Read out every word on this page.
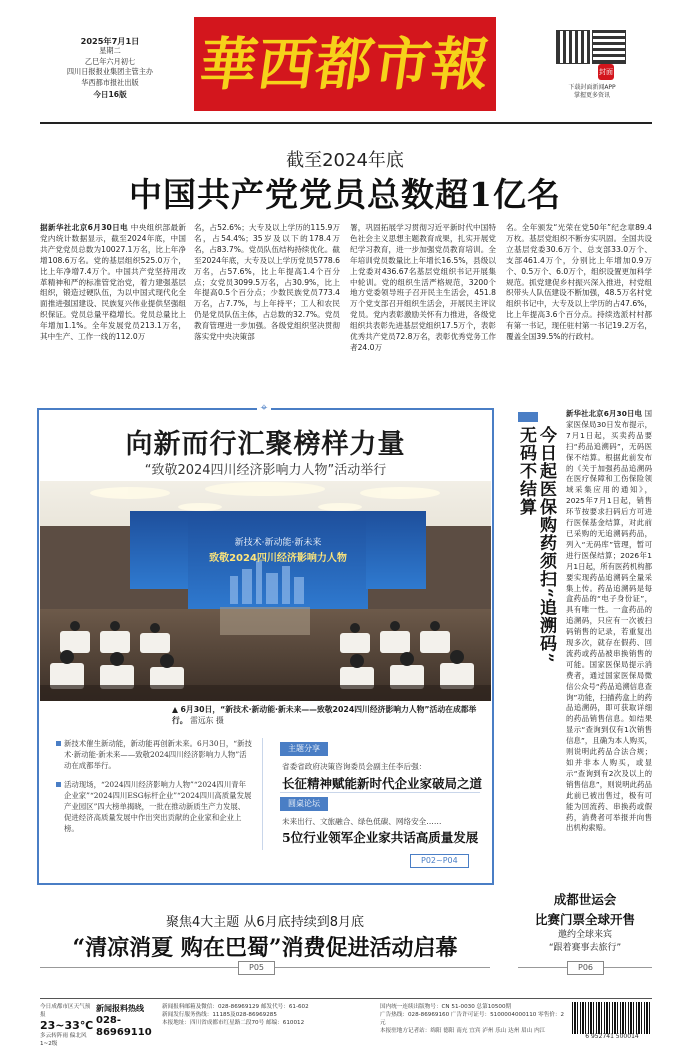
2025年7月1日
星期二
乙巳年六月初七
四川日报报业集团主管主办
华西都市报社出版
今日16版	華西都市報	封面
下载封面新闻APP
掌握更多资讯
截至2024年底
中国共产党党员总数超1亿名
据新华社北京6月30日电 中央组织部最新党内统计数据显示，截至2024年底，中国共产党党员总数为10027.1万名，比上年净增108.6万名。党的基层组织525.0万个，比上年净增7.4万个。中国共产党坚持用改革精神和严的标准管党治党，着力建强基层组织，锻造过硬队伍，为以中国式现代化全面推进强国建设、民族复兴伟业提供坚强组织保证。党员总量平稳增长。党员总量比上年增加1.1%。全年发展党员213.1万名，其中生产、工作一线的112.0万
名，占52.6%；大专及以上学历的115.9万名，占54.4%；35岁及以下的178.4万名，占83.7%。党员队伍结构持续优化。截至2024年底，大专及以上学历党员5778.6万名，占57.6%，比上年提高1.4个百分点；女党员3099.5万名，占30.9%，比上年提高0.5个百分点；少数民族党员773.4万名，占7.7%，与上年持平；工人和农民仍是党员队伍主体，占总数的32.7%。党员教育管理进一步加强。各级党组织坚决贯彻落实党中央决策部
署，巩固拓展学习贯彻习近平新时代中国特色社会主义思想主题教育成果，扎实开展党纪学习教育，进一步加强党员教育培训。全年培训党员数量比上年增长16.5%，县级以上党委对436.67名基层党组织书记开展集中轮训。党的组织生活严格规范，3200个地方党委领导班子召开民主生活会，451.8万个党支部召开组织生活会，开展民主评议党员。党内表彰激励关怀有力推进，各级党组织共表彰先进基层党组织17.5万个，表彰优秀共产党员72.8万名，表彰优秀党务工作者24.0万
名。全年颁发“光荣在党50年”纪念章89.4万枚。基层党组织不断夯实巩固。全国共设立基层党委30.6万个、总支部33.0万个、支部461.4万个，分别比上年增加0.9万个、0.5万个、6.0万个，组织设置更加科学规范。抓党建促乡村振兴深入推进，村党组织带头人队伍建设不断加强，48.5万名村党组织书记中，大专及以上学历的占47.6%，比上年提高3.6个百分点。持续选派村村都有第一书记，现任驻村第一书记19.2万名，覆盖全国39.5%的行政村。
⌖
向新而行汇聚榜样力量
“致敬2024四川经济影响力人物”活动举行
新技术·新动能·新未来
致敬2024四川经济影响力人物
▲ 6月30日，“新技术·新动能·新未来——致敬2024四川经济影响力人物”活动在成都举行。 雷远东 摄

新技术催生新动能，新动能再创新未来。6月30日，“新技术·新动能·新未来——致敬2024四川经济影响力人物”活动在成都举行。

活动现场，“2024四川经济影响力人物”“2024四川青年企业家”“2024四川ESG标杆企业”“2024四川高质量发展产业园区”四大榜单揭晓，一批在推动新质生产力发展、促进经济高质量发展中作出突出贡献的企业家和企业上榜。

主题分享
省委省政府决策咨询委员会副主任李后强：
长征精神赋能新时代企业家破局之道
圆桌论坛
未来出行、文旅融合、绿色低碳、网络安全……
5位行业领军企业家共话高质量发展
P02~P04
无码不结算 今日起医保购药须扫“追溯码”
新华社北京6月30日电 国家医保局30日发布提示，7月1日起，买卖药品要扫“药品追溯码”，无码医保不结算。根据此前发布的《关于加强药品追溯码在医疗保障和工伤保险领域采集应用的通知》，2025年7月1日起，销售环节按要求扫码后方可进行医保基金结算，对此前已采购的无追溯码药品，列入“无码库”管理，暂可进行医保结算；2026年1月1日起，所有医药机构都要实现药品追溯码全量采集上传。药品追溯码是每盒药品的“电子身份证”，具有唯一性。一盒药品的追溯码，只应有一次被扫码销售的记录，若重复出现多次，就存在假药、回流药或药品被串换销售的可能。国家医保局提示消费者，通过国家医保局微信公众号“药品追溯信息查询”功能，扫描药盒上的药品追溯码，即可获取详细的药品销售信息。如结果显示“查询到仅有1次销售信息”，且确为本人购买，则说明此药品合法合规；如并非本人购买，或显示“查询到有2次及以上的销售信息”，则说明此药品此前已被出售过，极有可能为回流药、串换药或假药，消费者可举报并向售出机构索赔。
聚焦4大主题 从6月底持续到8月底
“清凉消夏 购在巴蜀”消费促进活动启幕
P05
成都世运会
比赛门票全球开售
邀约全球来宾
“跟着赛事去旅行”
P06
今日成都市区天气预报
23~33℃
多云转阵雨 偏北风1~2级
新闻报料热线
028-86969110
新闻报料邮箱及微信：028-86969129 邮发代号：61-602
新闻发行服务热线：11185及028-86969285
本报地址：四川省成都市红星路二段70号 邮编：610012
国内统一连续出版物号：CN 51-0030 总第10500期
广告热线：028-86969160 广告许可证号：5100004000110 零售价：2元
本报驻地方记者站：绵阳 德阳 南充 宜宾 泸州 乐山 达州 眉山 内江
6 952741 500014
